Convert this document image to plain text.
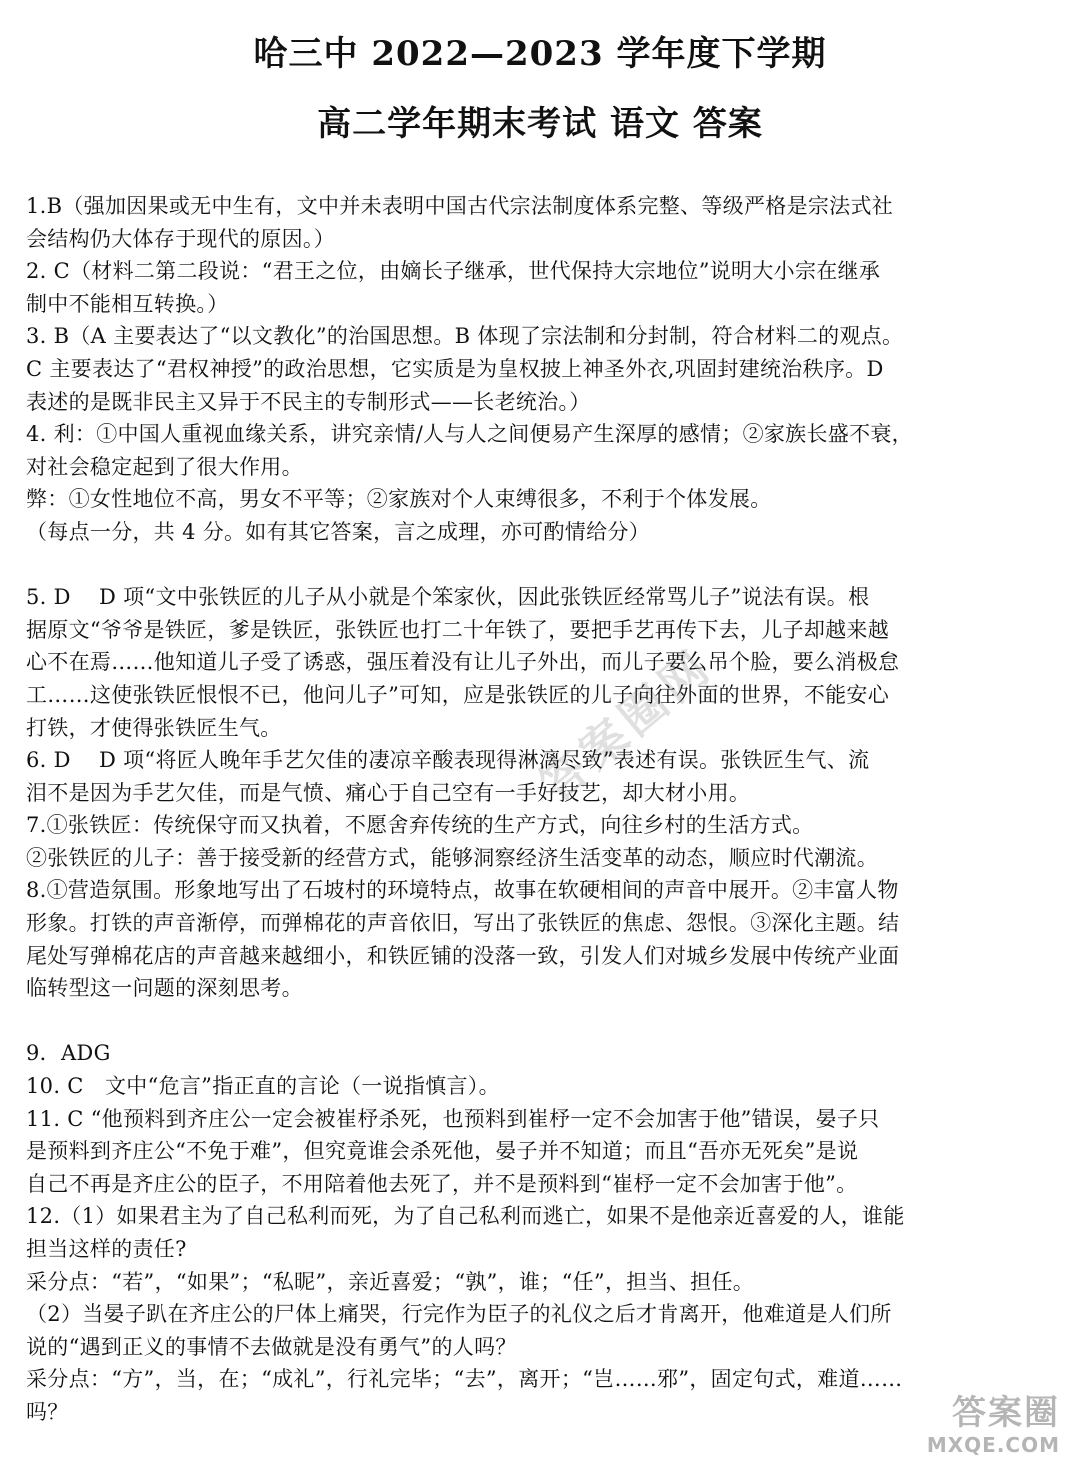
哈三中 2022—2023 学年度下学期
高二学年期末考试 语文 答案
1.B（强加因果或无中生有，文中并未表明中国古代宗法制度体系完整、等级严格是宗法式社
会结构仍大体存于现代的原因。）
2. C（材料二第二段说：“君王之位，由嫡长子继承，世代保持大宗地位”说明大小宗在继承
制中不能相互转换。）
3. B（A 主要表达了“以文教化”的治国思想。B 体现了宗法制和分封制，符合材料二的观点。
C 主要表达了“君权神授”的政治思想，它实质是为皇权披上神圣外衣,巩固封建统治秩序。D
表述的是既非民主又异于不民主的专制形式——长老统治。）
4. 利：①中国人重视血缘关系，讲究亲情/人与人之间便易产生深厚的感情；②家族长盛不衰，
对社会稳定起到了很大作用。
弊：①女性地位不高，男女不平等；②家族对个人束缚很多，不利于个体发展。
（每点一分，共 4 分。如有其它答案，言之成理，亦可酌情给分）
5. D　 D 项“文中张铁匠的儿子从小就是个笨家伙，因此张铁匠经常骂儿子”说法有误。根
据原文“爷爷是铁匠，爹是铁匠，张铁匠也打二十年铁了，要把手艺再传下去，儿子却越来越
心不在焉……他知道儿子受了诱惑，强压着没有让儿子外出，而儿子要么吊个脸，要么消极怠
工……这使张铁匠恨恨不已，他问儿子”可知，应是张铁匠的儿子向往外面的世界，不能安心
打铁，才使得张铁匠生气。
6. D　 D 项“将匠人晚年手艺欠佳的凄凉辛酸表现得淋漓尽致”表述有误。张铁匠生气、流
泪不是因为手艺欠佳，而是气愤、痛心于自己空有一手好技艺，却大材小用。
7.①张铁匠：传统保守而又执着，不愿舍弃传统的生产方式，向往乡村的生活方式。
②张铁匠的儿子：善于接受新的经营方式，能够洞察经济生活变革的动态，顺应时代潮流。
8.①营造氛围。形象地写出了石坡村的环境特点，故事在软硬相间的声音中展开。②丰富人物
形象。打铁的声音渐停，而弹棉花的声音依旧，写出了张铁匠的焦虑、怨恨。③深化主题。结
尾处写弹棉花店的声音越来越细小，和铁匠铺的没落一致，引发人们对城乡发展中传统产业面
临转型这一问题的深刻思考。
9．ADG
10. C　文中“危言”指正直的言论（一说指慎言）。
11. C “他预料到齐庄公一定会被崔杼杀死，也预料到崔杼一定不会加害于他”错误，晏子只
是预料到齐庄公“不免于难”，但究竟谁会杀死他，晏子并不知道；而且“吾亦无死矣”是说
自己不再是齐庄公的臣子，不用陪着他去死了，并不是预料到“崔杼一定不会加害于他”。
12.（1）如果君主为了自己私利而死，为了自己私利而逃亡，如果不是他亲近喜爱的人，谁能
担当这样的责任?
采分点：“若”，“如果”；“私昵”，亲近喜爱；“孰”，谁；“任”，担当、担任。
（2）当晏子趴在齐庄公的尸体上痛哭，行完作为臣子的礼仪之后才肯离开，他难道是人们所
说的“遇到正义的事情不去做就是没有勇气”的人吗？
采分点：“方”，当，在；“成礼”，行礼完毕；“去”，离开；“岂……邪”，固定句式，难道……
吗？
答案圈网
答案圈
MXQE.COM
